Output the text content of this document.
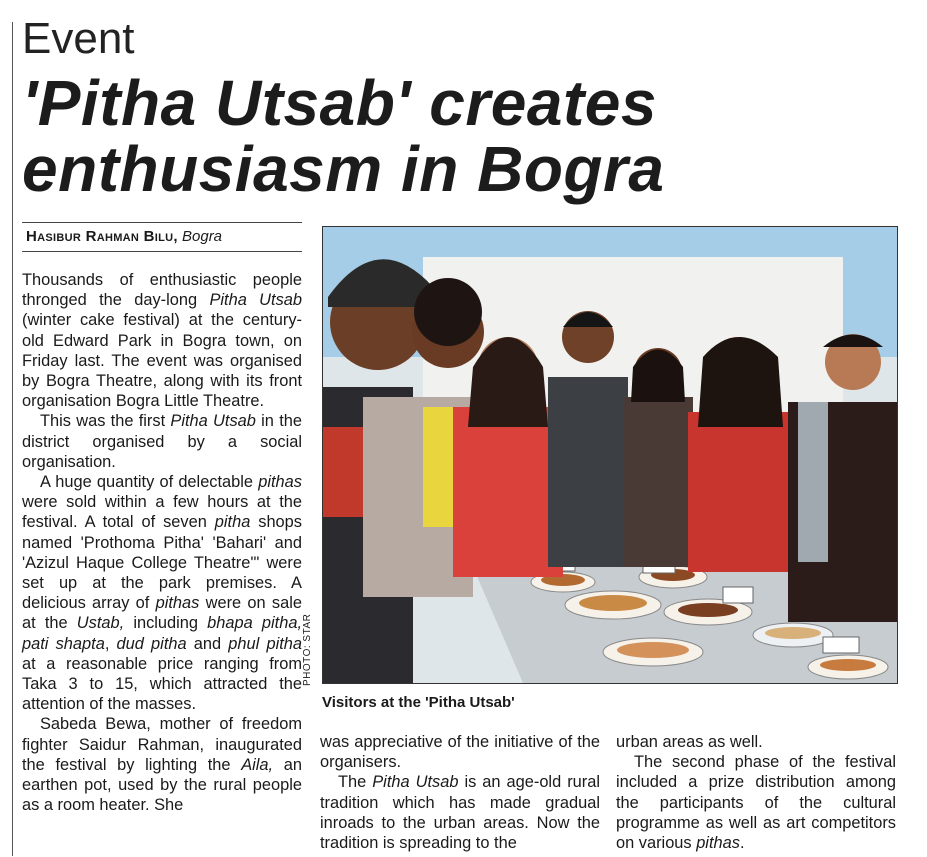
Event
'Pitha Utsab' creates
enthusiasm in Bogra
Hasibur Rahman Bilu, Bogra

Thousands of enthusiastic people thronged the day-long Pitha Utsab (winter cake festival) at the century-old Edward Park in Bogra town, on Friday last. The event was organised by Bogra Theatre, along with its front organisation Bogra Little Theatre.

This was the first Pitha Utsab in the district organised by a social organisation.

A huge quantity of delectable pithas were sold within a few hours at the festival. A total of seven pitha shops named 'Prothoma Pitha' 'Bahari' and 'Azizul Haque College Theatre'" were set up at the park premises. A delicious array of pithas were on sale at the Ustab, including bhapa pitha, pati shapta, dud pitha and phul pitha at a reasonable price ranging from Taka 3 to 15, which attracted the attention of the masses.

Sabeda Bewa, mother of freedom fighter Saidur Rahman, inaugurated the festival by lighting the Aila, an earthen pot, used by the rural people as a room heater. She

PHOTO: STAR
Visitors at the 'Pitha Utsab'

was appreciative of the initiative of the organisers.

The Pitha Utsab is an age-old rural tradition which has made gradual inroads to the urban areas. Now the tradition is spreading to the

urban areas as well.

The second phase of the festival included a prize distribution among the participants of the cultural programme as well as art competitors on various pithas.
